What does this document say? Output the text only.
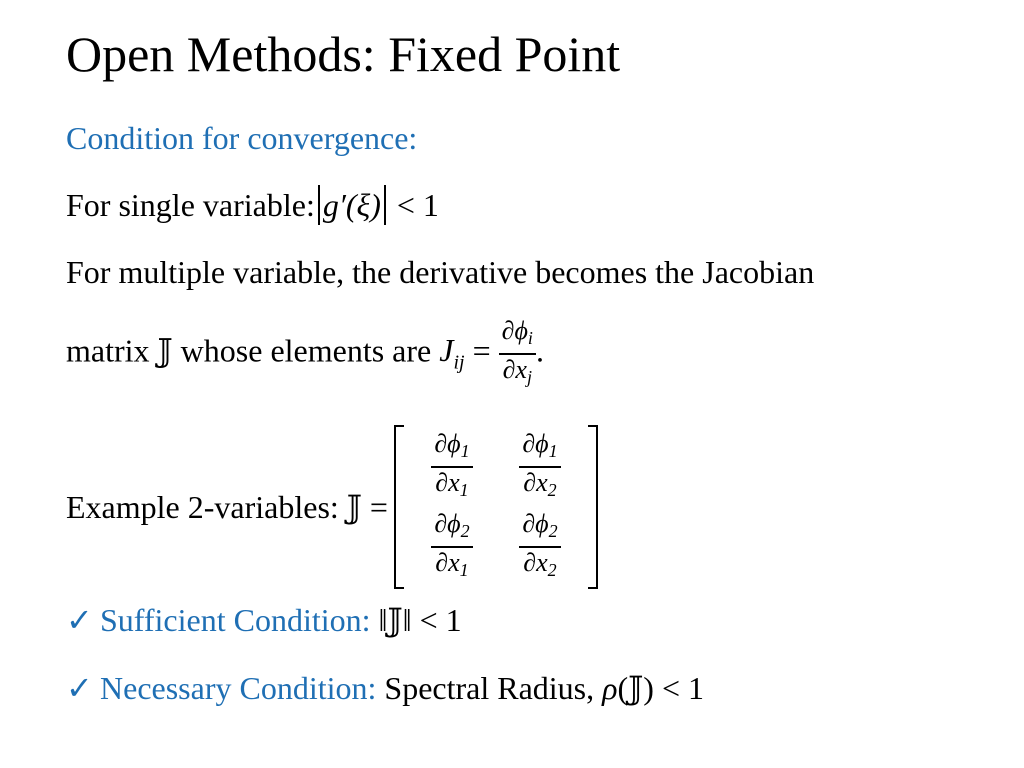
Open Methods: Fixed Point
Condition for convergence:
For single variable: g′(ξ) < 1
For multiple variable, the derivative becomes the Jacobian
matrix 𝕁 whose elements are $J_{ij} = \frac{\partial\phi_i}{\partial x_j}$ .
Example 2-variables: 𝕁 =
$\frac{\partial\phi_1}{\partial x_1} \frac{\partial\phi_1}{\partial x_2}$
$\frac{\partial\phi_2}{\partial x_1} \frac{\partial\phi_2}{\partial x_2}$
✓ Sufficient Condition: ‖𝕁‖ < 1
✓ Necessary Condition: Spectral Radius, ρ(𝕁) < 1
